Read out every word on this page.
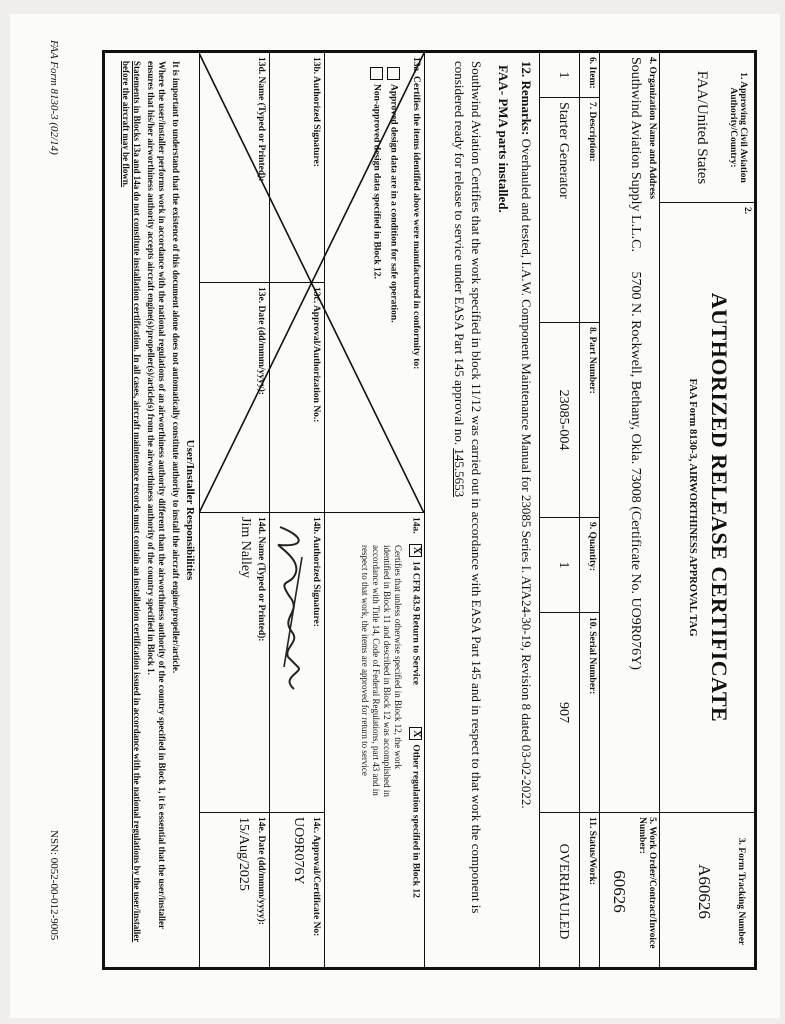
1. Approving Civil Aviation Authority/Country:
FAA/United States
2.
AUTHORIZED RELEASE CERTIFICATE
FAA Form 8130-3, AIRWORTHINESS APPROVAL TAG
3. Form Tracking Number
A60626
4. Organization Name and Address
Southwind Aviation Supply L.L.C. 5700 N. Rockwell, Bethany, Okla. 73008 (Certificate No. UO9R076Y)
5. Work Order/Contract/Invoice Number:
60626
6. Item:
7. Description:
8. Part Number:
9. Quantity:
10. Serial Number:
11. Status/Work:
1
Starter Generator
23085-004
1
907
OVERHAULED
12. Remarks: Overhauled and tested, I.A.W. Component Maintenance Manual for 23085 Series I. ATA24-30-19, Revision 8 dated 03-02-2022.
FAA- PMA parts installed.
Southwind Aviation Certifies that the work specified in block 11/12 was carried out in accordance with EASA Part 145 and in respect to that work the component is
considered ready for release to service under EASA Part 145 approval no. 145.5653
13a. Certifies the items identified above were manufactured in conformity to:
Approved design data are in a condition for safe operation.
Non-approved design data specified in Block 12.
14a. X14 CFR 43.9 Return to Service XOther regulation specified in Block 12
Certifies that unless otherwise specified in Block 12, the work identified in Block 11 and described in Block 12 was accomplished in accordance with Title 14, Code of Federal Regulations, part 43 and in respect to that work, the items are approved for return to service
13b. Authorized Signature:
13c. Approval/Authorization No.:
14b. Authorized Signature:
14c. Approval/Certificate No:
UO9R076Y
13d. Name (Typed or Printed):
13e. Date (dd/mmm/yyyy):
14d. Name (Typed or Printed):
Jim Nalley
14e. Date (dd/mmm/yyyy):
15/Aug/2025
User/Installer Responsibilities
It is important to understand that the existence of this document alone does not automatically constitute authority to install the aircraft engine/propeller/article.
Where the user/installer performs work in accordance with the national regulations of an airworthiness authority different than the airworthiness authority of the country specified in Block 1, it is essential that the user/installer ensures that his/her airworthiness authority accepts aircraft engine(s)/propeller(s)/article(s) from the airworthiness authority of the country specified in Block 1.
Statements in Blocks 13a and 14a do not constitute installation certification. In all cases, aircraft maintenance records must contain an installation certification issued in accordance with the national regulations by the user/installer before the aircraft may be flown.
FAA Form 8130-3 (02/14)
NSN: 0052-00-012-9005
